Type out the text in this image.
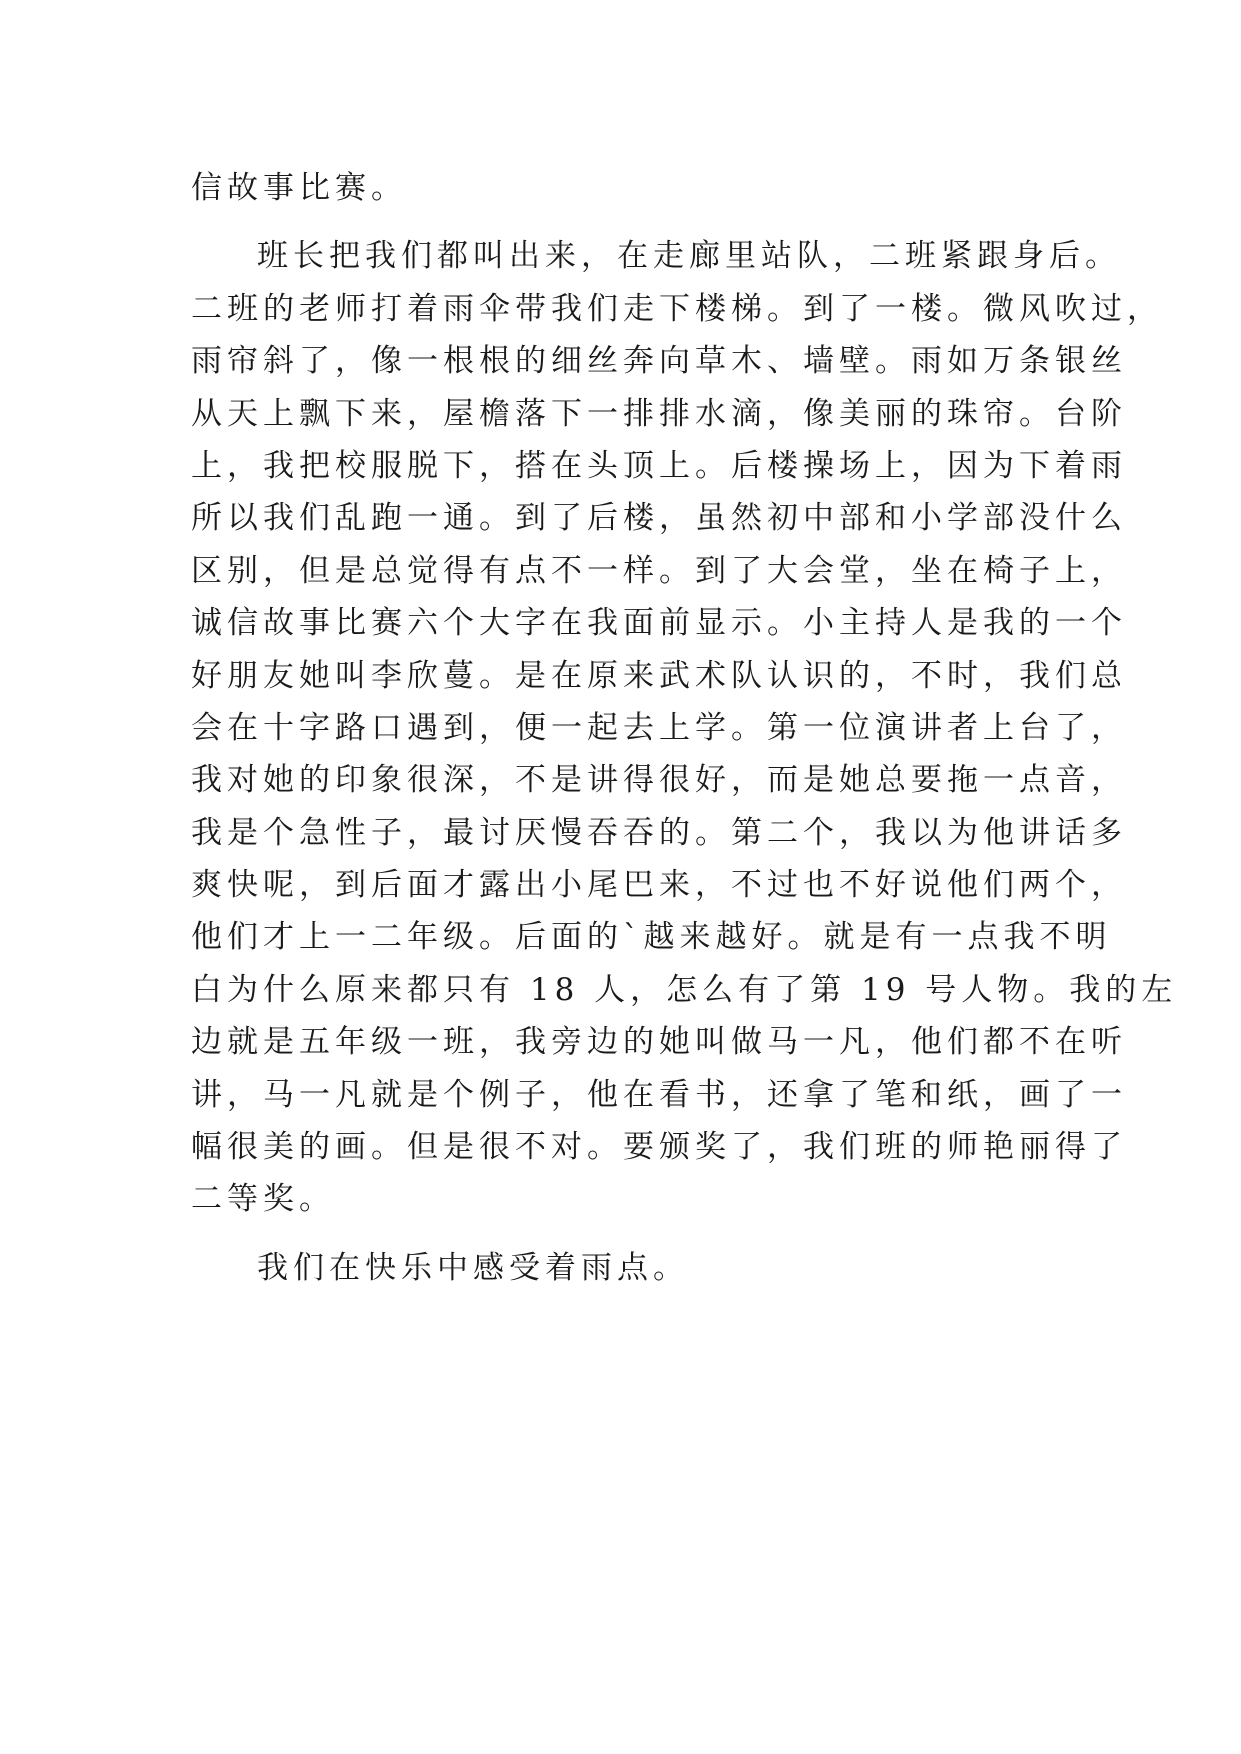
信故事比赛。
班长把我们都叫出来，在走廊里站队，二班紧跟身后。
二班的老师打着雨伞带我们走下楼梯。到了一楼。微风吹过，
雨帘斜了，像一根根的细丝奔向草木、墙壁。雨如万条银丝
从天上飘下来，屋檐落下一排排水滴，像美丽的珠帘。台阶
上，我把校服脱下，搭在头顶上。后楼操场上，因为下着雨
所以我们乱跑一通。到了后楼，虽然初中部和小学部没什么
区别，但是总觉得有点不一样。到了大会堂，坐在椅子上，
诚信故事比赛六个大字在我面前显示。小主持人是我的一个
好朋友她叫李欣蔓。是在原来武术队认识的，不时，我们总
会在十字路口遇到，便一起去上学。第一位演讲者上台了，
我对她的印象很深，不是讲得很好，而是她总要拖一点音，
我是个急性子，最讨厌慢吞吞的。第二个，我以为他讲话多
爽快呢，到后面才露出小尾巴来，不过也不好说他们两个，
他们才上一二年级。后面的`越来越好。就是有一点我不明
白为什么原来都只有 18 人，怎么有了第 19 号人物。我的左
边就是五年级一班，我旁边的她叫做马一凡，他们都不在听
讲，马一凡就是个例子，他在看书，还拿了笔和纸，画了一
幅很美的画。但是很不对。要颁奖了，我们班的师艳丽得了
二等奖。
我们在快乐中感受着雨点。
